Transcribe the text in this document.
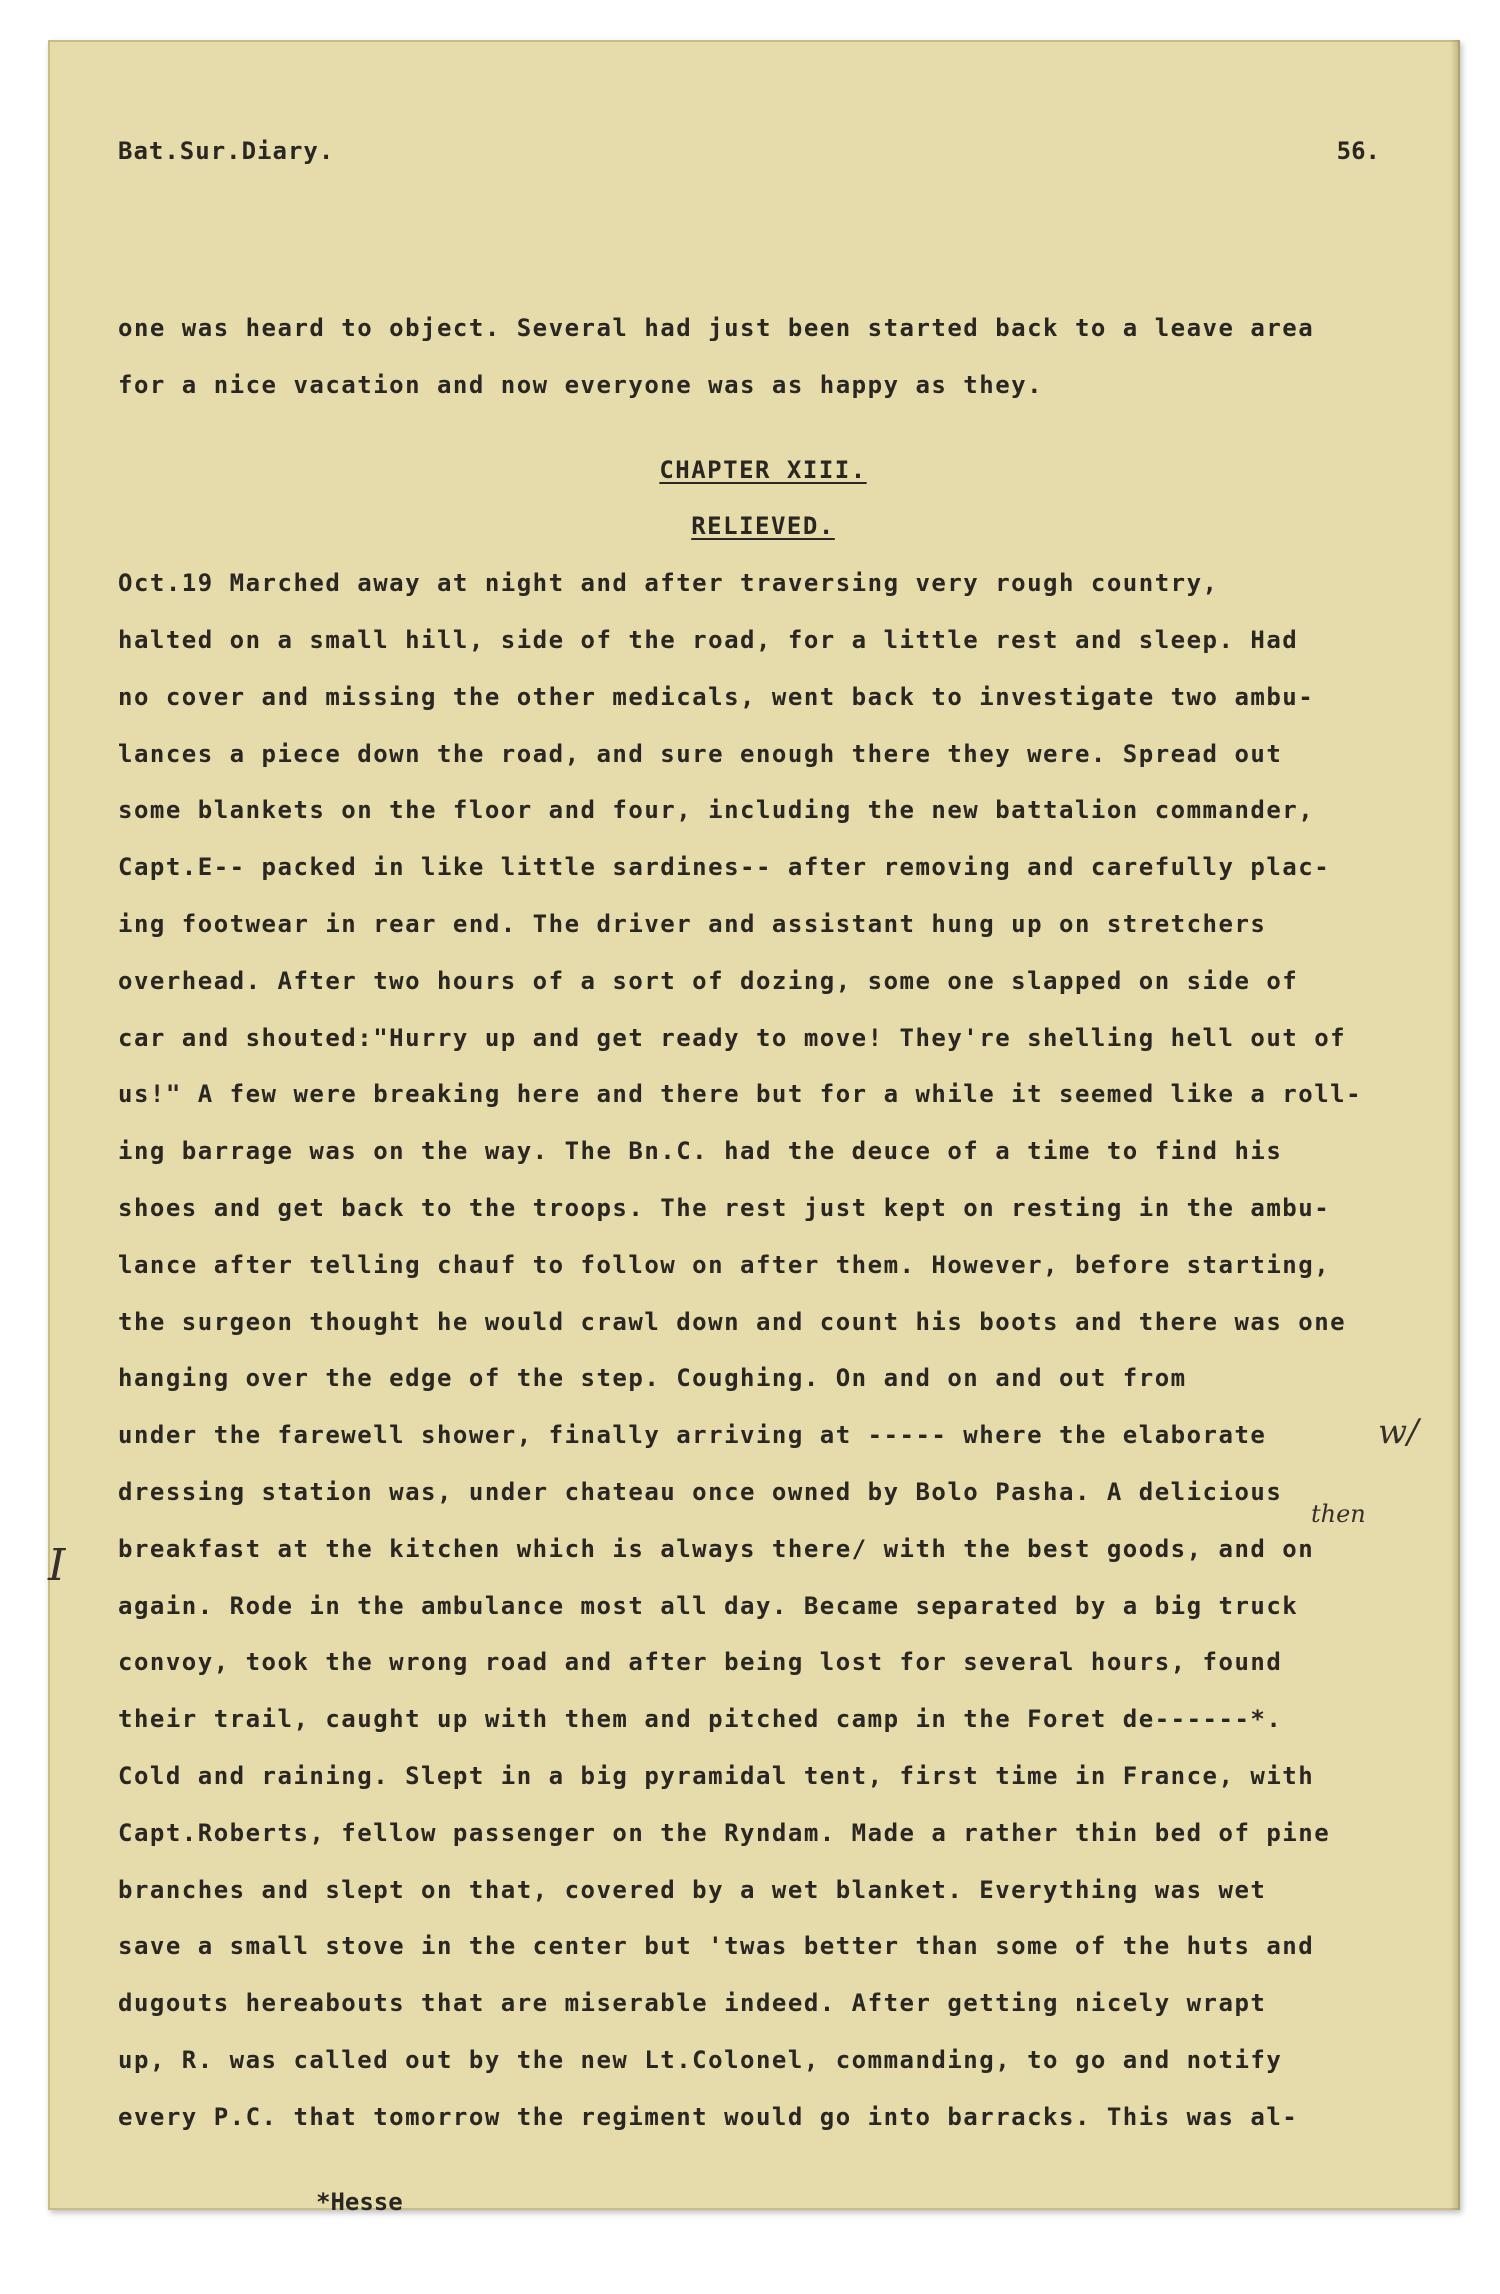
Bat.Sur.Diary.	56.
one was heard to object. Several had just been started back to a leave area
for a nice vacation and now everyone was as happy as they.
CHAPTER XIII.
RELIEVED.
Oct.19 Marched away at night and after traversing very rough country,
halted on a small hill, side of the road, for a little rest and sleep. Had
no cover and missing the other medicals, went back to investigate two ambu-
lances a piece down the road, and sure enough there they were. Spread out
some blankets on the floor and four, including the new battalion commander,
Capt.E-- packed in like little sardines-- after removing and carefully plac-
ing footwear in rear end. The driver and assistant hung up on stretchers
overhead. After two hours of a sort of dozing, some one slapped on side of
car and shouted:"Hurry up and get ready to move! They're shelling hell out of
us!" A few were breaking here and there but for a while it seemed like a roll-
ing barrage was on the way. The Bn.C. had the deuce of a time to find his
shoes and get back to the troops. The rest just kept on resting in the ambu-
lance after telling chauf to follow on after them. However, before starting,
the surgeon thought he would crawl down and count his boots and there was one
hanging over the edge of the step. Coughing. On and on and out from
under the farewell shower, finally arriving at ----- where the elaborate
dressing station was, under chateau once owned by Bolo Pasha. A delicious
breakfast at the kitchen which is always there/ with the best goods, and on
again. Rode in the ambulance most all day. Became separated by a big truck
convoy, took the wrong road and after being lost for several hours, found
their trail, caught up with them and pitched camp in the Foret de------*.
Cold and raining. Slept in a big pyramidal tent, first time in France, with
Capt.Roberts, fellow passenger on the Ryndam. Made a rather thin bed of pine
branches and slept on that, covered by a wet blanket. Everything was wet
save a small stove in the center but 'twas better than some of the huts and
dugouts hereabouts that are miserable indeed. After getting nicely wrapt
up, R. was called out by the new Lt.Colonel, commanding, to go and notify
every P.C. that tomorrow the regiment would go into barracks. This was al-
I
w/
then
*Hesse
